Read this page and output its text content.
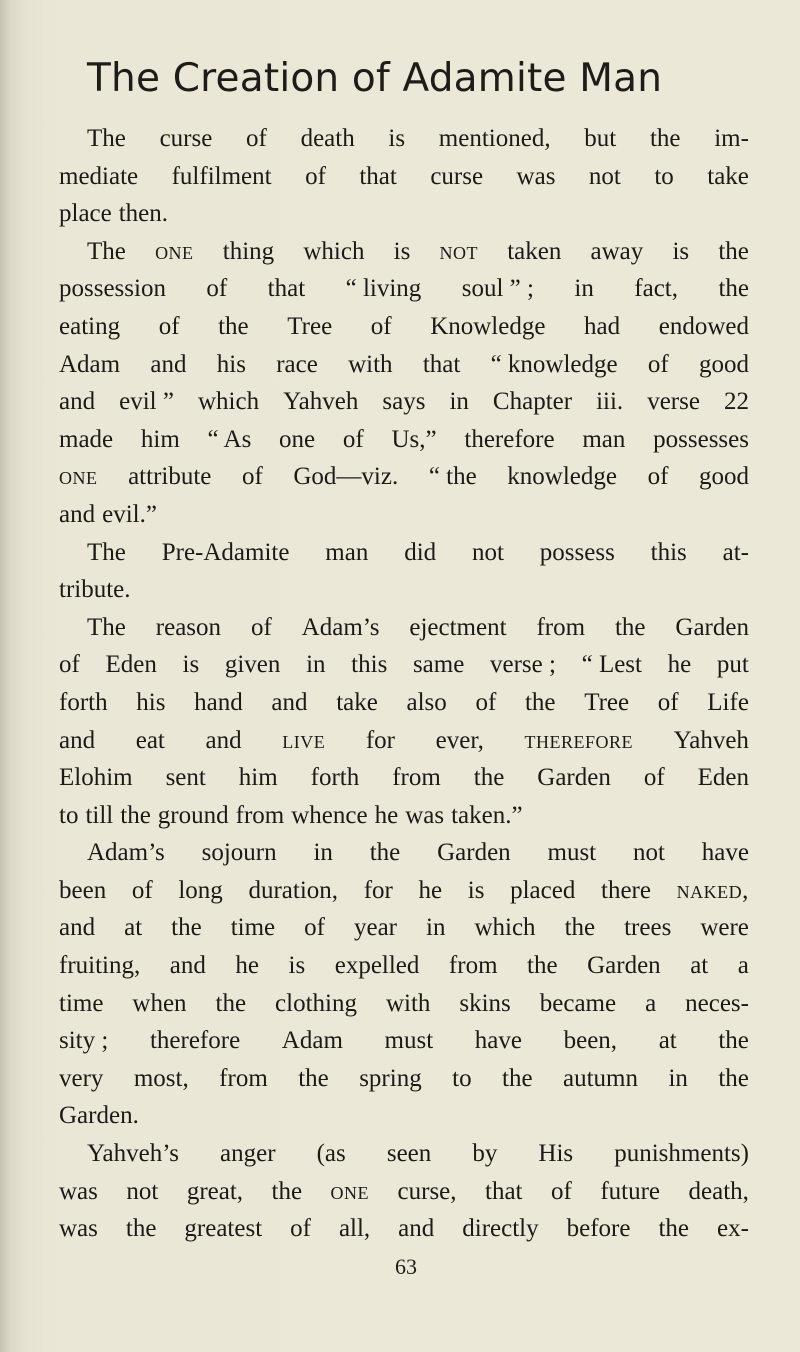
The Creation of Adamite Man
The curse of death is mentioned, but the im-
mediate fulfilment of that curse was not to take
place then.
The one thing which is not taken away is the
possession of that “ living soul ” ; in fact, the
eating of the Tree of Knowledge had endowed
Adam and his race with that “ knowledge of good
and evil ” which Yahveh says in Chapter iii. verse 22
made him “ As one of Us,” therefore man possesses
one attribute of God—viz. “ the knowledge of good
and evil.”
The Pre-Adamite man did not possess this at-
tribute.
The reason of Adam’s ejectment from the Garden
of Eden is given in this same verse ; “ Lest he put
forth his hand and take also of the Tree of Life
and eat and live for ever, therefore Yahveh
Elohim sent him forth from the Garden of Eden
to till the ground from whence he was taken.”
Adam’s sojourn in the Garden must not have
been of long duration, for he is placed there naked,
and at the time of year in which the trees were
fruiting, and he is expelled from the Garden at a
time when the clothing with skins became a neces-
sity ; therefore Adam must have been, at the
very most, from the spring to the autumn in the
Garden.
Yahveh’s anger (as seen by His punishments)
was not great, the one curse, that of future death,
was the greatest of all, and directly before the ex-
63
